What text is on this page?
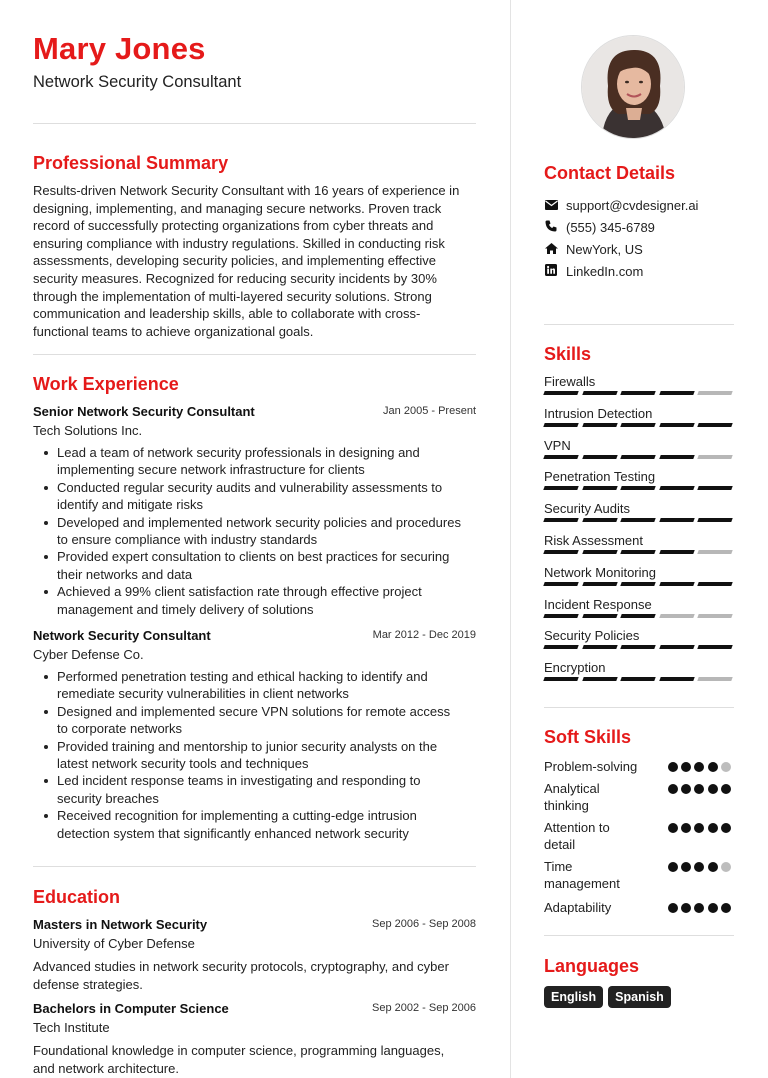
Mary Jones
Network Security Consultant
Professional Summary
Results-driven Network Security Consultant with 16 years of experience in
designing, implementing, and managing secure networks. Proven track
record of successfully protecting organizations from cyber threats and
ensuring compliance with industry regulations. Skilled in conducting risk
assessments, developing security policies, and implementing effective
security measures. Recognized for reducing security incidents by 30%
through the implementation of multi-layered security solutions. Strong
communication and leadership skills, able to collaborate with cross-
functional teams to achieve organizational goals.
Work Experience
Senior Network Security Consultant	Jan 2005 - Present
Tech Solutions Inc.
Lead a team of network security professionals in designing and
implementing secure network infrastructure for clients
Conducted regular security audits and vulnerability assessments to
identify and mitigate risks
Developed and implemented network security policies and procedures
to ensure compliance with industry standards
Provided expert consultation to clients on best practices for securing
their networks and data
Achieved a 99% client satisfaction rate through effective project
management and timely delivery of solutions
Network Security Consultant	Mar 2012 - Dec 2019
Cyber Defense Co.
Performed penetration testing and ethical hacking to identify and
remediate security vulnerabilities in client networks
Designed and implemented secure VPN solutions for remote access
to corporate networks
Provided training and mentorship to junior security analysts on the
latest network security tools and techniques
Led incident response teams in investigating and responding to
security breaches
Received recognition for implementing a cutting-edge intrusion
detection system that significantly enhanced network security
Education
Masters in Network Security	Sep 2006 - Sep 2008
University of Cyber Defense
Advanced studies in network security protocols, cryptography, and cyber
defense strategies.
Bachelors in Computer Science	Sep 2002 - Sep 2006
Tech Institute
Foundational knowledge in computer science, programming languages,
and network architecture.
Contact Details
support@cvdesigner.ai
(555) 345-6789
NewYork, US
LinkedIn.com
Skills
Firewalls
Intrusion Detection
VPN
Penetration Testing
Security Audits
Risk Assessment
Network Monitoring
Incident Response
Security Policies
Encryption
Soft Skills
Problem-solving
Analytical
thinking
Attention to
detail
Time
management
Adaptability
Languages
English	Spanish
